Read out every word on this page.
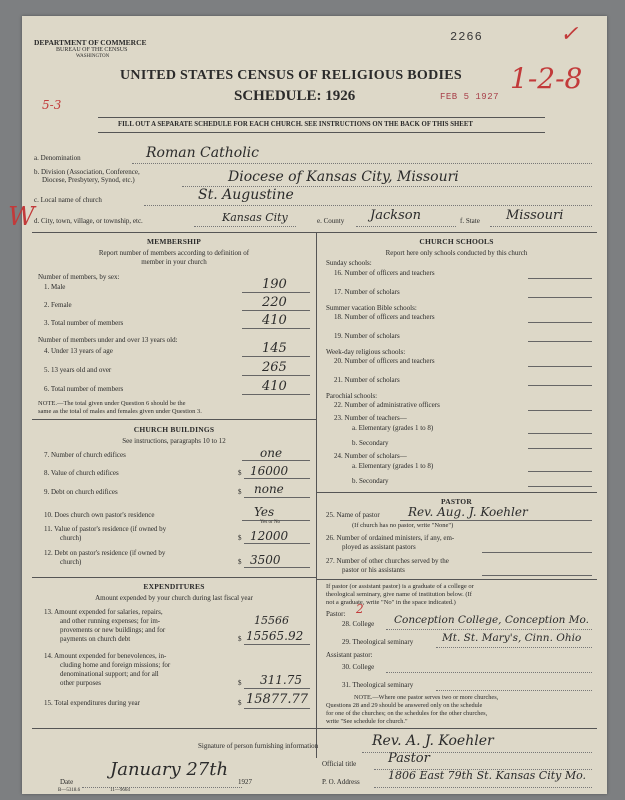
DEPARTMENT OF COMMERCE
BUREAU OF THE CENSUS
WASHINGTON
2266	✓
UNITED STATES CENSUS OF RELIGIOUS BODIES 1-2-8
SCHEDULE: 1926	FEB 5 1927
5-3
FILL OUT A SEPARATE SCHEDULE FOR EACH CHURCH. SEE INSTRUCTIONS ON THE BACK OF THIS SHEET
a. Denomination	Roman Catholic
b. Division (Association, Conference,
Diocese, Presbytery, Synod, etc.)	Diocese of Kansas City, Missouri
c. Local name of church	St. Augustine
W d. City, town, village, or township, etc.	Kansas City	e. County Jackson	f. State Missouri
MEMBERSHIP
Report number of members according to definition of
member in your church
Number of members, by sex:
1. Male	190
2. Female	220
3. Total number of members	410
Number of members under and over 13 years old:
4. Under 13 years of age	145
5. 13 years old and over	265
6. Total number of members	410
NOTE.—The total given under Question 6 should be the
same as the total of males and females given under Question 3.
CHURCH BUILDINGS
See instructions, paragraphs 10 to 12
7. Number of church edifices	one
8. Value of church edifices	$ 16000
9. Debt on church edifices	$ none
10. Does church own pastor's residence	Yes
Yes or No
11. Value of pastor's residence (if owned by
church)	$ 12000
12. Debt on pastor's residence (if owned by
church)	$ 3500
EXPENDITURES
Amount expended by your church during last fiscal year
13. Amount expended for salaries, repairs,
and other running expenses; for im-
provements or new buildings; and for
payments on church debt
15566
$ 15565.92
14. Amount expended for benevolences, in-
cluding home and foreign missions; for
denominational support; and for all
other purposes	$ 311.75
15. Total expenditures during year	$ 15877.77
CHURCH SCHOOLS
Report here only schools conducted by this church
Sunday schools:
16. Number of officers and teachers
17. Number of scholars
Summer vacation Bible schools:
18. Number of officers and teachers
19. Number of scholars
Week-day religious schools:
20. Number of officers and teachers
21. Number of scholars
Parochial schools:
22. Number of administrative officers
23. Number of teachers—
a. Elementary (grades 1 to 8)
b. Secondary
24. Number of scholars—
a. Elementary (grades 1 to 8)
b. Secondary
PASTOR
25. Name of pastor Rev. Aug. J. Koehler
(If church has no pastor, write "None")
26. Number of ordained ministers, if any, em-
ployed as assistant pastors
27. Number of other churches served by the
pastor or his assistants
If pastor (or assistant pastor) is a graduate of a college or
theological seminary, give name of institution below. (If
not a graduate, write "No" in the space indicated.)
Pastor: 2
28. College Conception College, Conception Mo.
29. Theological seminary	Mt. St. Mary's, Cinn. Ohio
Assistant pastor:
30. College
31. Theological seminary
NOTE.—Where one pastor serves two or more churches,
Questions 28 and 29 should be answered only on the schedule
for one of the churches; on the schedules for the other churches,
write "See schedule for church."
Signature of person furnishing information	Rev. A. J. Koehler
Official title Pastor
Date
January 27th
1927	P. O. Address	1806 East 79th St. Kansas City Mo.
B—5318.6	11—9664
